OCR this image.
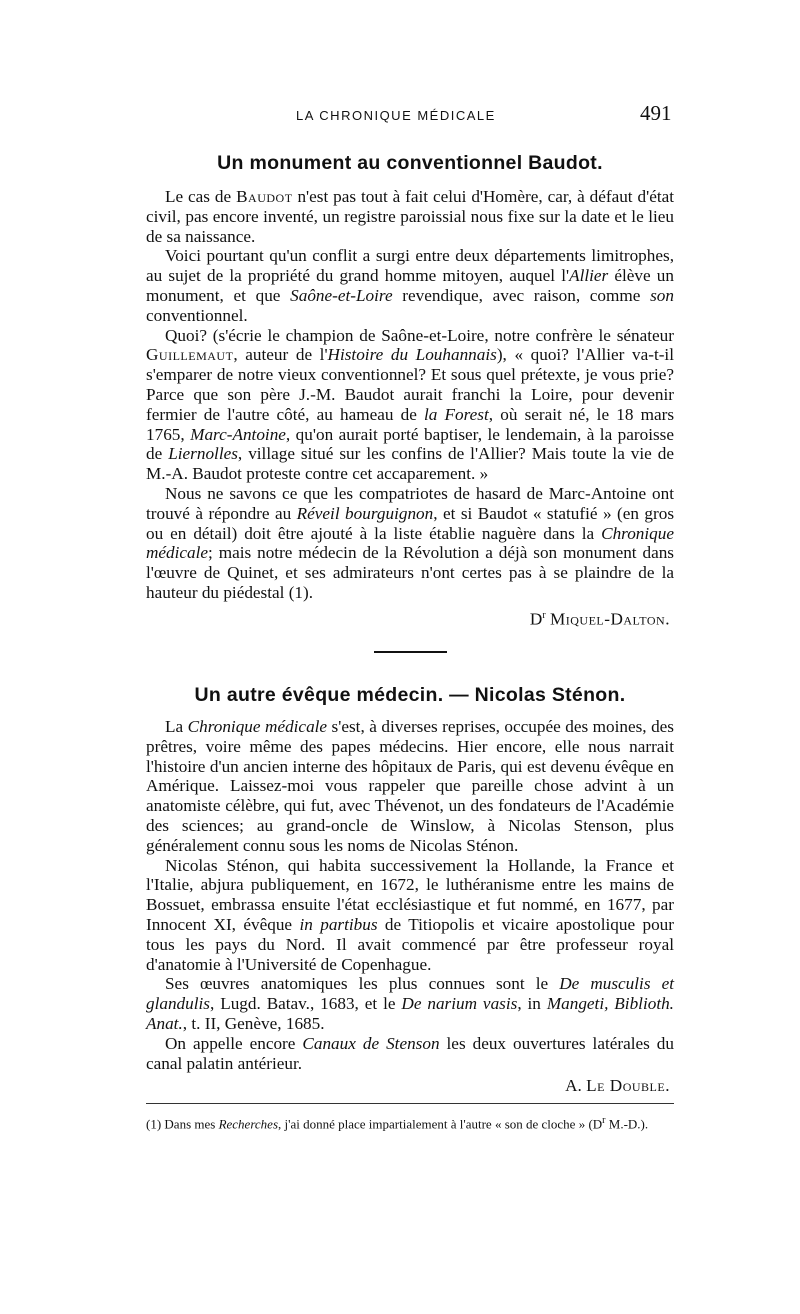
LA CHRONIQUE MÉDICALE	491
Un monument au conventionnel Baudot.

Le cas de Baudot n'est pas tout à fait celui d'Homère, car, à défaut d'état civil, pas encore inventé, un registre paroissial nous fixe sur la date et le lieu de sa naissance.

Voici pourtant qu'un conflit a surgi entre deux départements limitrophes, au sujet de la propriété du grand homme mitoyen, auquel l'Allier élève un monument, et que Saône-et-Loire revendique, avec raison, comme son conventionnel.

Quoi? (s'écrie le champion de Saône-et-Loire, notre confrère le sénateur Guillemaut, auteur de l'Histoire du Louhannais), « quoi? l'Allier va-t-il s'emparer de notre vieux conventionnel? Et sous quel prétexte, je vous prie? Parce que son père J.-M. Baudot aurait franchi la Loire, pour devenir fermier de l'autre côté, au hameau de la Forest, où serait né, le 18 mars 1765, Marc-Antoine, qu'on aurait porté baptiser, le lendemain, à la paroisse de Liernolles, village situé sur les confins de l'Allier? Mais toute la vie de M.-A. Baudot proteste contre cet accaparement. »

Nous ne savons ce que les compatriotes de hasard de Marc-Antoine ont trouvé à répondre au Réveil bourguignon, et si Baudot « statufié » (en gros ou en détail) doit être ajouté à la liste établie naguère dans la Chronique médicale; mais notre médecin de la Révolution a déjà son monument dans l'œuvre de Quinet, et ses admirateurs n'ont certes pas à se plaindre de la hauteur du piédestal (1).

$D^r$ Miquel-Dalton.
Un autre évêque médecin. — Nicolas Sténon.

La Chronique médicale s'est, à diverses reprises, occupée des moines, des prêtres, voire même des papes médecins. Hier encore, elle nous narrait l'histoire d'un ancien interne des hôpitaux de Paris, qui est devenu évêque en Amérique. Laissez-moi vous rappeler que pareille chose advint à un anatomiste célèbre, qui fut, avec Thévenot, un des fondateurs de l'Académie des sciences; au grand-oncle de Winslow, à Nicolas Stenson, plus généralement connu sous les noms de Nicolas Sténon.

Nicolas Sténon, qui habita successivement la Hollande, la France et l'Italie, abjura publiquement, en 1672, le luthéranisme entre les mains de Bossuet, embrassa ensuite l'état ecclésiastique et fut nommé, en 1677, par Innocent XI, évêque in partibus de Titiopolis et vicaire apostolique pour tous les pays du Nord. Il avait commencé par être professeur royal d'anatomie à l'Université de Copenhague.

Ses œuvres anatomiques les plus connues sont le De musculis et glandulis, Lugd. Batav., 1683, et le De narium vasis, in Mangeti, Biblioth. Anat., t. II, Genève, 1685.

On appelle encore Canaux de Stenson les deux ouvertures latérales du canal palatin antérieur.

A. Le Double.
(1) Dans mes Recherches, j'ai donné place impartialement à l'autre « son de cloche » ($D^r$ M.-D.).
